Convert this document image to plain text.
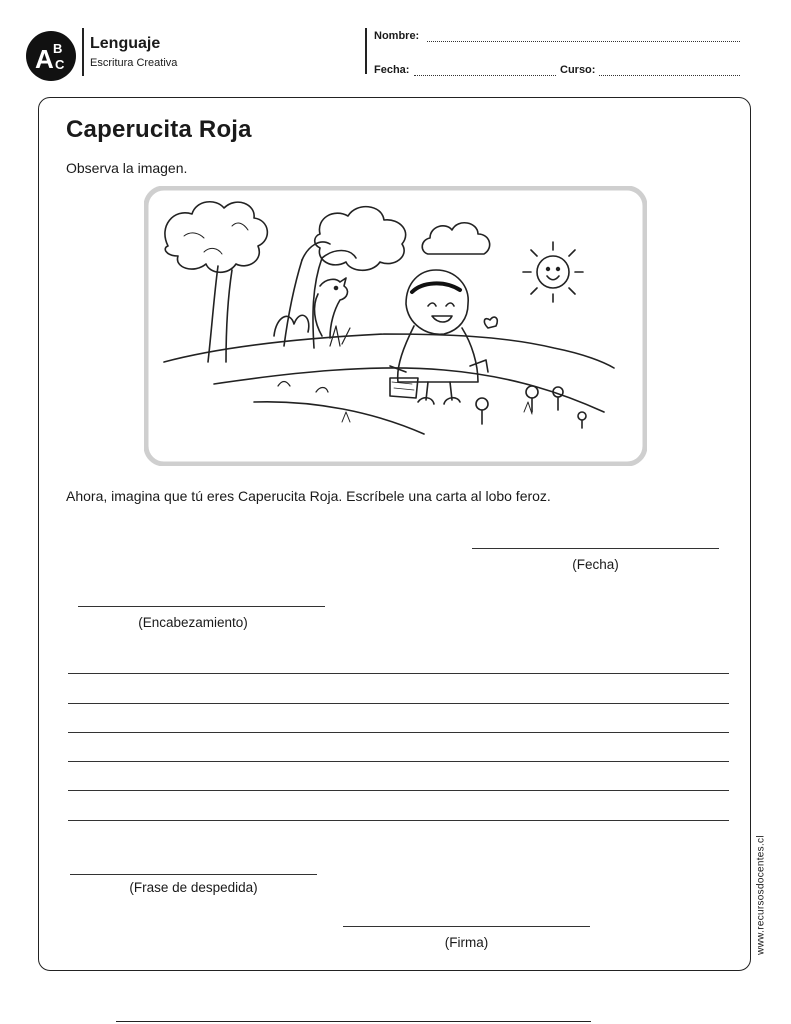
A B
C
Lenguaje
Escritura Creativa
Nombre:
Fecha:	Curso:
Caperucita Roja
Observa la imagen.
Ahora, imagina que tú eres Caperucita Roja. Escríbele una carta al lobo feroz.
(Fecha)
(Encabezamiento)
(Frase de despedida)
(Firma)	www.recursosdocentes.cl
